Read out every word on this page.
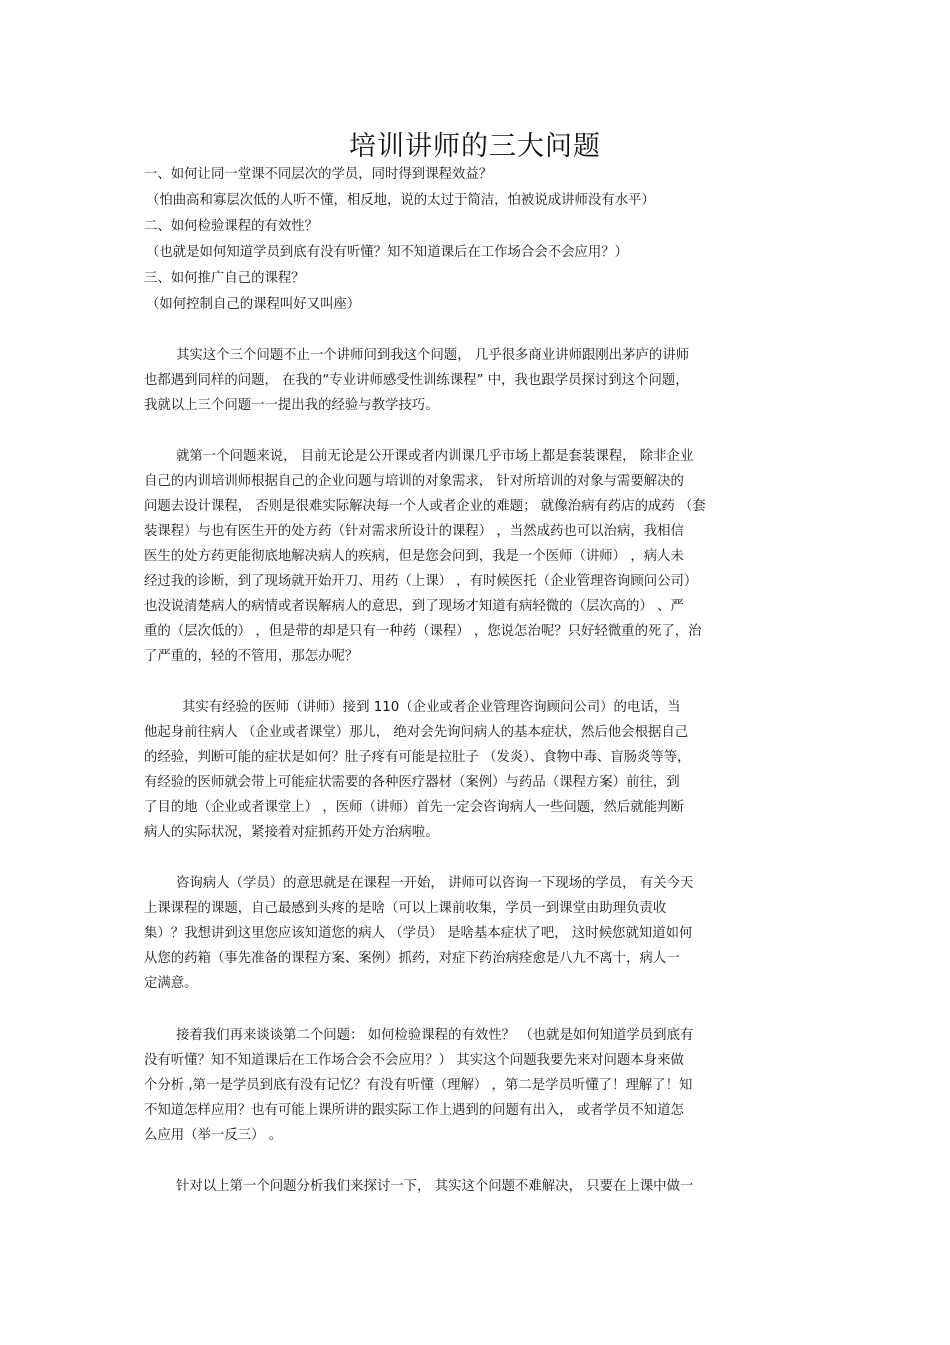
培训讲师的三大问题

一、如何让同一堂课不同层次的学员，同时得到课程效益？

（怕曲高和寡层次低的人听不懂，相反地，说的太过于简洁，怕被说成讲师没有水平）

二、如何检验课程的有效性？

（也就是如何知道学员到底有没有听懂？知不知道课后在工作场合会不会应用？）

三、如何推广自己的课程？

（如何控制自己的课程叫好又叫座）

其实这个三个问题不止一个讲师问到我这个问题， 几乎很多商业讲师跟刚出茅庐的讲师

也都遇到同样的问题， 在我的“专业讲师感受性训练课程” 中，我也跟学员探讨到这个问题，

我就以上三个问题一一提出我的经验与教学技巧。

就第一个问题来说， 目前无论是公开课或者内训课几乎市场上都是套装课程， 除非企业

自己的内训培训师根据自己的企业问题与培训的对象需求， 针对所培训的对象与需要解决的

问题去设计课程， 否则是很难实际解决每一个人或者企业的难题； 就像治病有药店的成药 （套

装课程）与也有医生开的处方药（针对需求所设计的课程） ，当然成药也可以治病，我相信

医生的处方药更能彻底地解决病人的疾病，但是您会问到，我是一个医师（讲师） ，病人未

经过我的诊断，到了现场就开始开刀、用药（上课） ，有时候医托（企业管理咨询顾问公司）

也没说清楚病人的病情或者误解病人的意思，到了现场才知道有病轻微的（层次高的） 、严

重的（层次低的） ，但是带的却是只有一种药（课程） ，您说怎治呢？只好轻微重的死了，治

了严重的，轻的不管用，那怎办呢？

其实有经验的医师（讲师）接到 110（企业或者企业管理咨询顾问公司）的电话，当

他起身前往病人 （企业或者课堂）那儿， 绝对会先询问病人的基本症状，然后他会根据自己

的经验，判断可能的症状是如何？肚子疼有可能是拉肚子 （发炎）、食物中毒、盲肠炎等等，

有经验的医师就会带上可能症状需要的各种医疗器材（案例）与药品（课程方案）前往，到

了目的地（企业或者课堂上） ，医师（讲师）首先一定会咨询病人一些问题，然后就能判断

病人的实际状况，紧接着对症抓药开处方治病啦。

咨询病人（学员）的意思就是在课程一开始， 讲师可以咨询一下现场的学员， 有关今天

上课课程的课题，自己最感到头疼的是啥（可以上课前收集，学员一到课堂由助理负责收

集）？我想讲到这里您应该知道您的病人 （学员） 是啥基本症状了吧， 这时候您就知道如何

从您的药箱（事先准备的课程方案、案例）抓药，对症下药治病痊愈是八九不离十，病人一

定满意。

接着我们再来谈谈第二个问题： 如何检验课程的有效性？ （也就是如何知道学员到底有

没有听懂？知不知道课后在工作场合会不会应用？） 其实这个问题我要先来对问题本身来做

个分析 ,第一是学员到底有没有记忆？有没有听懂（理解） ，第二是学员听懂了！理解了！知

不知道怎样应用？也有可能上课所讲的跟实际工作上遇到的问题有出入， 或者学员不知道怎

么应用（举一反三） 。

针对以上第一个问题分析我们来探讨一下， 其实这个问题不难解决， 只要在上课中做一
